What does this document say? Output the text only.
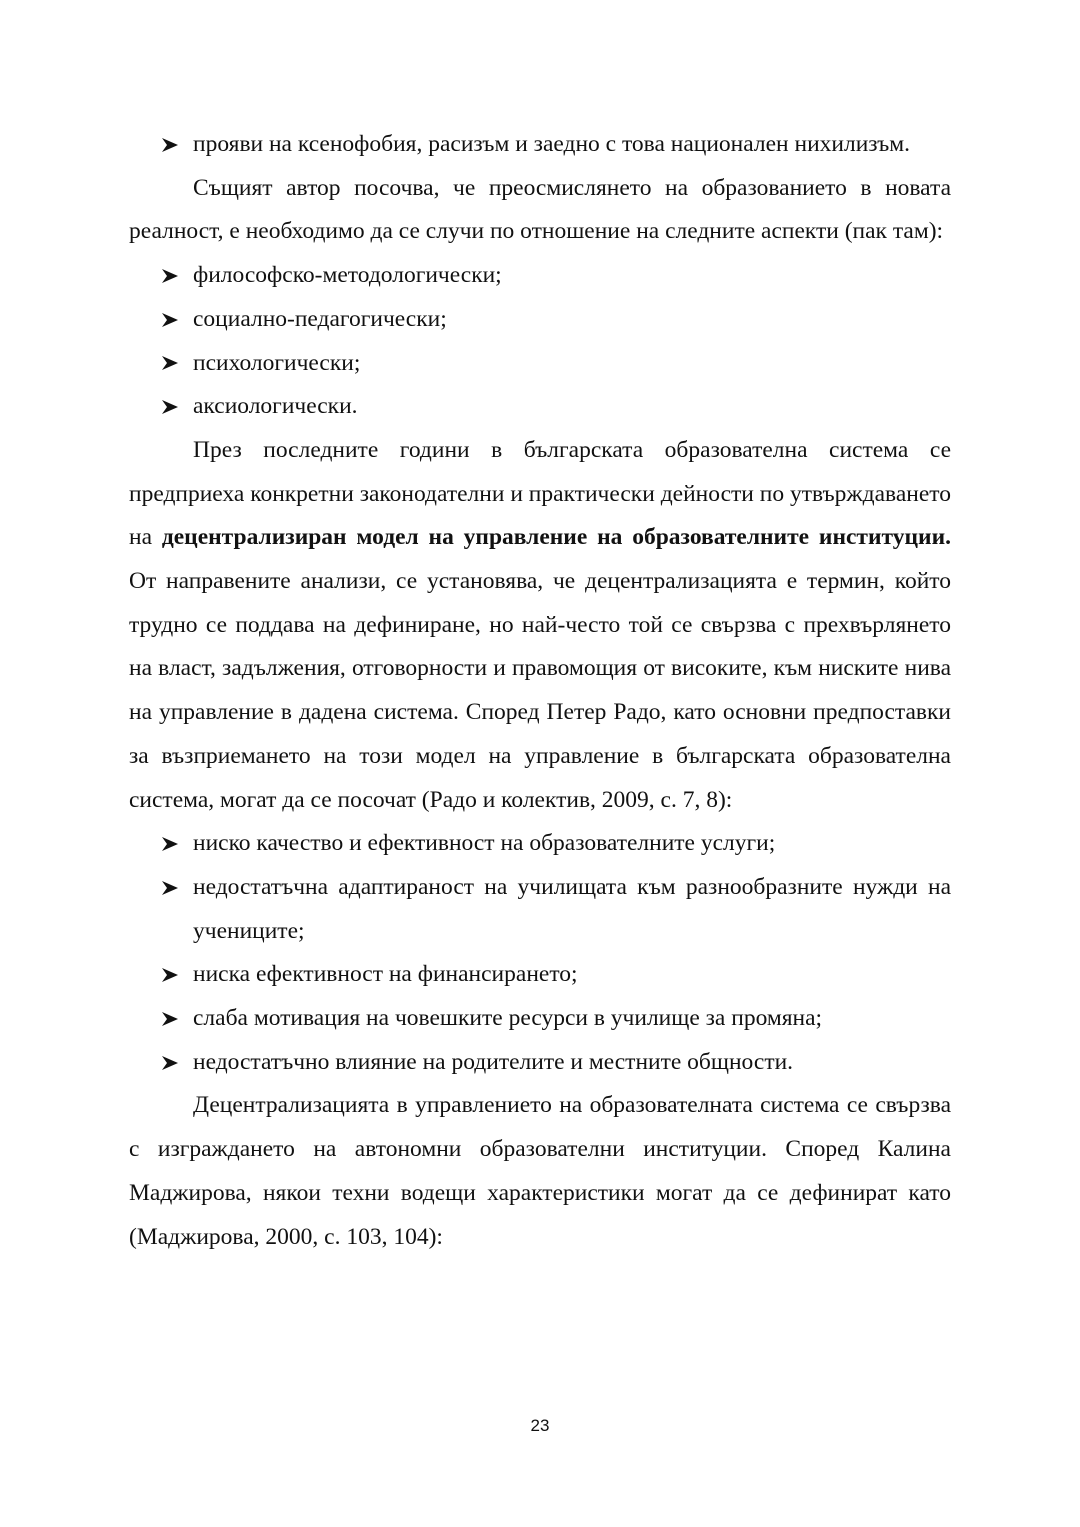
прояви на ксенофобия, расизъм и заедно с това национален нихилизъм.

Същият автор посочва, че преосмислянето на образованието в новата реалност, е необходимо да се случи по отношение на следните аспекти (пак там):

философско-методологически;
социално-педагогически;
психологически;
аксиологически.

През последните години в българската образователна система се предприеха конкретни законодателни и практически дейности по утвърждаването на децентрализиран модел на управление на образователните институции. От направените анализи, се установява, че децентрализацията е термин, който трудно се поддава на дефиниране, но най-често той се свързва с прехвърлянето на власт, задължения, отговорности и правомощия от високите, към ниските нива на управление в дадена система. Според Петер Радо, като основни предпоставки за възприемането на този модел на управление в българската образователна система, могат да се посочат (Радо и колектив, 2009, с. 7, 8):

ниско качество и ефективност на образователните услуги;
недостатъчна адаптираност на училищата към разнообразните нужди на учениците;
ниска ефективност на финансирането;
слаба мотивация на човешките ресурси в училище за промяна;
недостатъчно влияние на родителите и местните общности.

Децентрализацията в управлението на образователната система се свързва с изграждането на автономни образователни институции. Според Калина Маджирова, някои техни водещи характеристики могат да се дефинират като (Маджирова, 2000, с. 103, 104):

23
